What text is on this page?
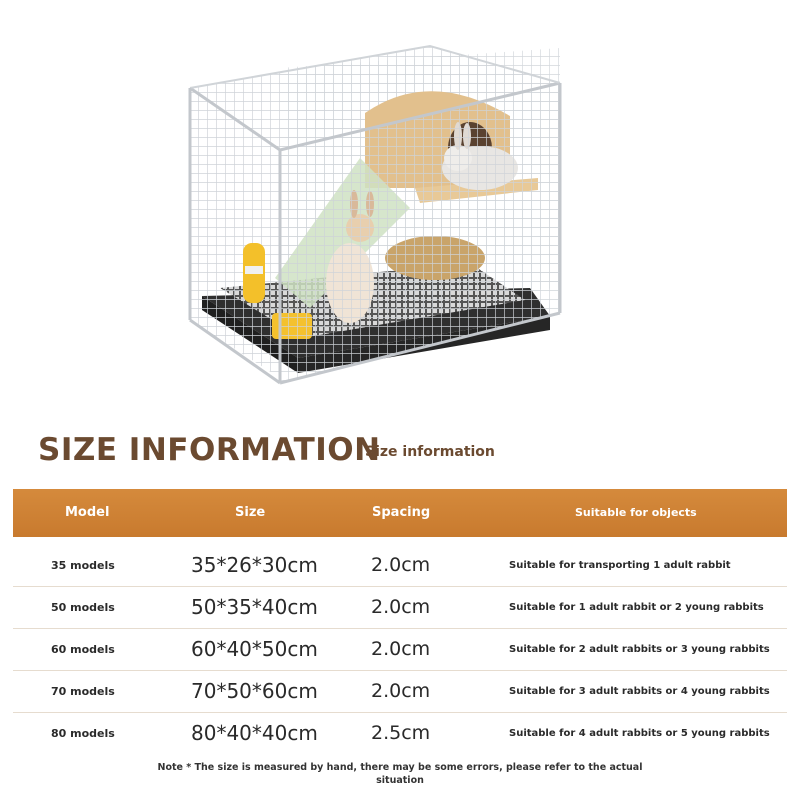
SIZE INFORMATION
Size information
Model	Size	Spacing	Suitable for objects
35 models	35*26*30cm	2.0cm	Suitable for transporting 1 adult rabbit
50 models	50*35*40cm	2.0cm	Suitable for 1 adult rabbit or 2 young rabbits
60 models	60*40*50cm	2.0cm	Suitable for 2 adult rabbits or 3 young rabbits
70 models	70*50*60cm	2.0cm	Suitable for 3 adult rabbits or 4 young rabbits
80 models	80*40*40cm	2.5cm	Suitable for 4 adult rabbits or 5 young rabbits
Note * The size is measured by hand, there may be some errors, please refer to the actual situation
